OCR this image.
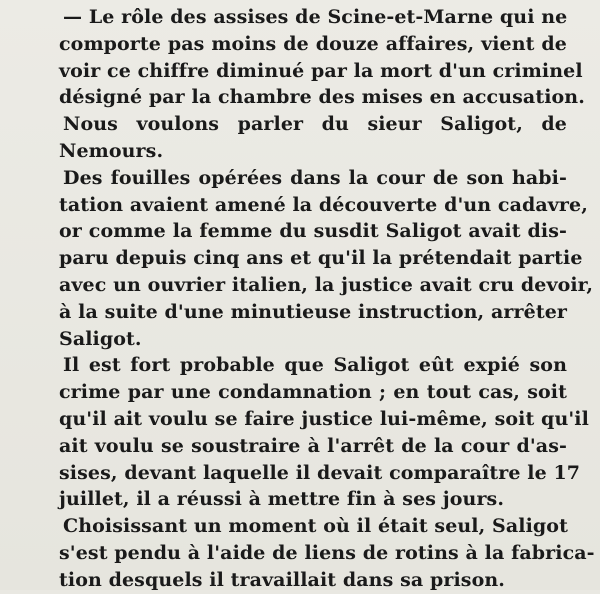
— Le rôle des assises de Scine-et-Marne qui ne
comporte pas moins de douze affaires, vient de
voir ce chiffre diminué par la mort d'un criminel
désigné par la chambre des mises en accusation.
Nous voulons parler du sieur Saligot, de
Nemours.
Des fouilles opérées dans la cour de son habi-
tation avaient amené la découverte d'un cadavre,
or comme la femme du susdit Saligot avait dis-
paru depuis cinq ans et qu'il la prétendait partie
avec un ouvrier italien, la justice avait cru devoir,
à la suite d'une minutieuse instruction, arrêter
Saligot.
Il est fort probable que Saligot eût expié son
crime par une condamnation ; en tout cas, soit
qu'il ait voulu se faire justice lui-même, soit qu'il
ait voulu se soustraire à l'arrêt de la cour d'as-
sises, devant laquelle il devait comparaître le 17
juillet, il a réussi à mettre fin à ses jours.
Choisissant un moment où il était seul, Saligot
s'est pendu à l'aide de liens de rotins à la fabrica-
tion desquels il travaillait dans sa prison.
